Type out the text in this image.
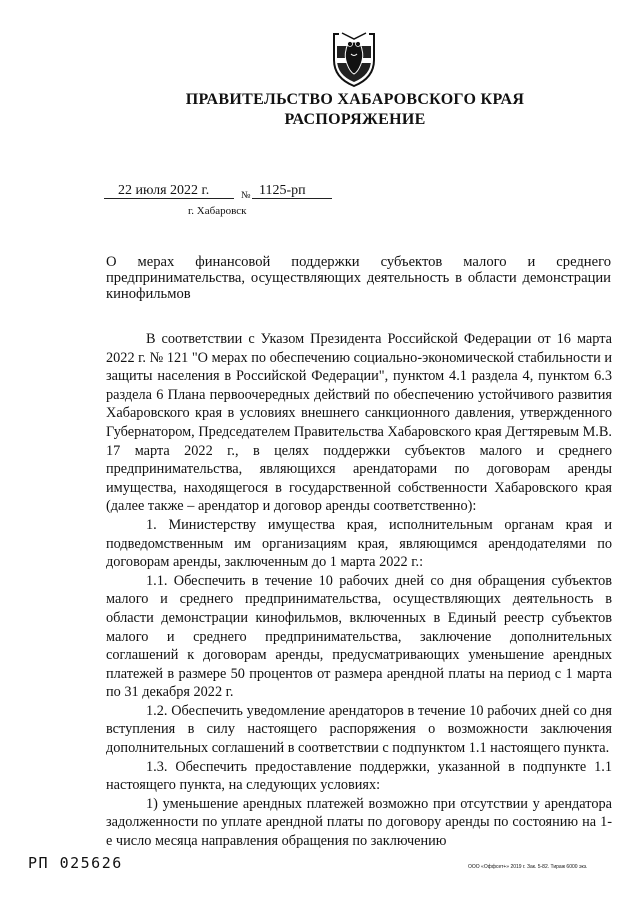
ПРАВИТЕЛЬСТВО ХАБАРОВСКОГО КРАЯ
РАСПОРЯЖЕНИЕ
22 июля 2022 г.	№ 1125-рп
г. Хабаровск
О мерах финансовой поддержки субъектов малого и среднего предпринимательства, осуществляющих деятельность в области демонстрации кинофильмов

В соответствии с Указом Президента Российской Федерации от 16 марта 2022 г. № 121 "О мерах по обеспечению социально-экономической стабильности и защиты населения в Российской Федерации", пунктом 4.1 раздела 4, пунктом 6.3 раздела 6 Плана первоочередных действий по обеспечению устойчивого развития Хабаровского края в условиях внешнего санкционного давления, утвержденного Губернатором, Председателем Правительства Хабаровского края Дегтяревым М.В. 17 марта 2022 г., в целях поддержки субъектов малого и среднего предпринимательства, являющихся арендаторами по договорам аренды имущества, находящегося в государственной собственности Хабаровского края (далее также – арендатор и договор аренды соответственно):

1. Министерству имущества края, исполнительным органам края и подведомственным им организациям края, являющимся арендодателями по договорам аренды, заключенным до 1 марта 2022 г.:

1.1. Обеспечить в течение 10 рабочих дней со дня обращения субъектов малого и среднего предпринимательства, осуществляющих деятельность в области демонстрации кинофильмов, включенных в Единый реестр субъектов малого и среднего предпринимательства, заключение дополнительных соглашений к договорам аренды, предусматривающих уменьшение арендных платежей в размере 50 процентов от размера арендной платы на период с 1 марта по 31 декабря 2022 г.

1.2. Обеспечить уведомление арендаторов в течение 10 рабочих дней со дня вступления в силу настоящего распоряжения о возможности заключения дополнительных соглашений в соответствии с подпунктом 1.1 настоящего пункта.

1.3. Обеспечить предоставление поддержки, указанной в подпункте 1.1 настоящего пункта, на следующих условиях:

1) уменьшение арендных платежей возможно при отсутствии у арендатора задолженности по уплате арендной платы по договору аренды по состоянию на 1-е число месяца направления обращения по заключению

РП 025626	ООО «Оффсет+» 2019 г. Зак. 5-82. Тираж 6000 экз.
